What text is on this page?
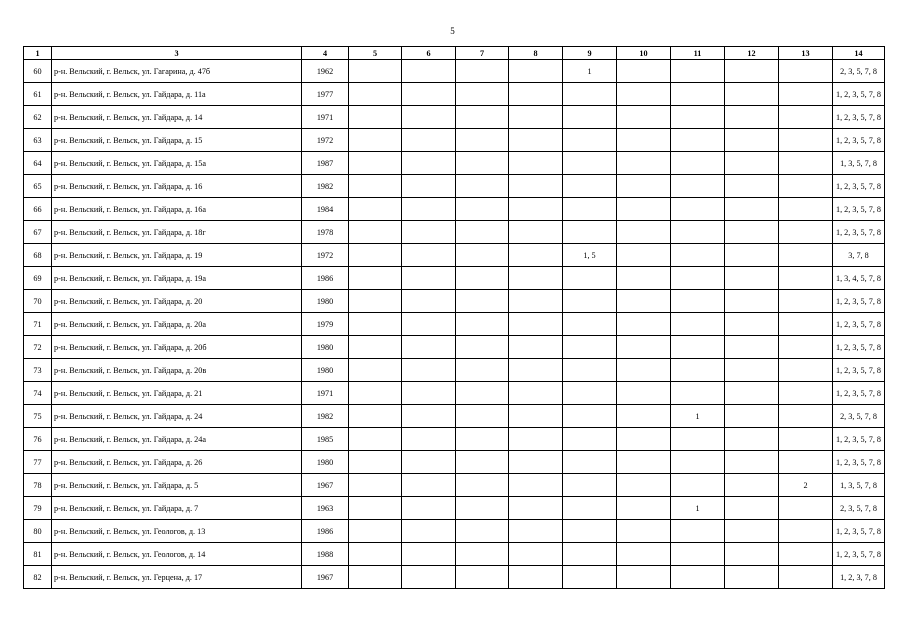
5
1	3	4	5	6	7	8	9	10	11	12	13	14
60	р-н. Вельский, г. Вельск, ул. Гагарина, д. 47б	1962					1					2, 3, 5, 7, 8
61	р-н. Вельский, г. Вельск, ул. Гайдара, д. 11а	1977										1, 2, 3, 5, 7, 8
62	р-н. Вельский, г. Вельск, ул. Гайдара, д. 14	1971										1, 2, 3, 5, 7, 8
63	р-н. Вельский, г. Вельск, ул. Гайдара, д. 15	1972										1, 2, 3, 5, 7, 8
64	р-н. Вельский, г. Вельск, ул. Гайдара, д. 15а	1987										1, 3, 5, 7, 8
65	р-н. Вельский, г. Вельск, ул. Гайдара, д. 16	1982										1, 2, 3, 5, 7, 8
66	р-н. Вельский, г. Вельск, ул. Гайдара, д. 16а	1984										1, 2, 3, 5, 7, 8
67	р-н. Вельский, г. Вельск, ул. Гайдара, д. 18г	1978										1, 2, 3, 5, 7, 8
68	р-н. Вельский, г. Вельск, ул. Гайдара, д. 19	1972					1, 5					3, 7, 8
69	р-н. Вельский, г. Вельск, ул. Гайдара, д. 19а	1986										1, 3, 4, 5, 7, 8
70	р-н. Вельский, г. Вельск, ул. Гайдара, д. 20	1980										1, 2, 3, 5, 7, 8
71	р-н. Вельский, г. Вельск, ул. Гайдара, д. 20а	1979										1, 2, 3, 5, 7, 8
72	р-н. Вельский, г. Вельск, ул. Гайдара, д. 20б	1980										1, 2, 3, 5, 7, 8
73	р-н. Вельский, г. Вельск, ул. Гайдара, д. 20в	1980										1, 2, 3, 5, 7, 8
74	р-н. Вельский, г. Вельск, ул. Гайдара, д. 21	1971										1, 2, 3, 5, 7, 8
75	р-н. Вельский, г. Вельск, ул. Гайдара, д. 24	1982							1			2, 3, 5, 7, 8
76	р-н. Вельский, г. Вельск, ул. Гайдара, д. 24а	1985										1, 2, 3, 5, 7, 8
77	р-н. Вельский, г. Вельск, ул. Гайдара, д. 26	1980										1, 2, 3, 5, 7, 8
78	р-н. Вельский, г. Вельск, ул. Гайдара, д. 5	1967									2	1, 3, 5, 7, 8
79	р-н. Вельский, г. Вельск, ул. Гайдара, д. 7	1963							1			2, 3, 5, 7, 8
80	р-н. Вельский, г. Вельск, ул. Геологов, д. 13	1986										1, 2, 3, 5, 7, 8
81	р-н. Вельский, г. Вельск, ул. Геологов, д. 14	1988										1, 2, 3, 5, 7, 8
82	р-н. Вельский, г. Вельск, ул. Герцена, д. 17	1967										1, 2, 3, 7, 8
